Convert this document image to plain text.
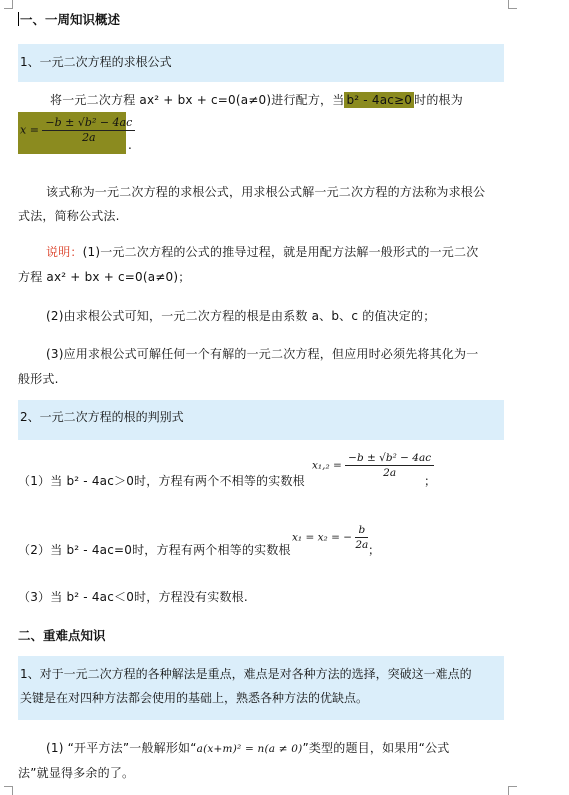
一、一周知识概述
1、一元二次方程的求根公式
将一元二次方程 ax² + bx + c=0(a≠0)进行配方，当 b² - 4ac≥0 时的根为
$x = \frac{\text{−b ± √b² − 4ac}}{2a}$
.
该式称为一元二次方程的求根公式，用求根公式解一元二次方程的方法称为求根公
式法，简称公式法.
说明：(1)一元二次方程的公式的推导过程，就是用配方法解一般形式的一元二次
方程 ax² + bx + c=0(a≠0)；
(2)由求根公式可知，一元二次方程的根是由系数 a、b、c 的值决定的；
(3)应用求根公式可解任何一个有解的一元二次方程，但应用时必须先将其化为一
般形式.
2、一元二次方程的根的判别式
（1）当 b² - 4ac＞0时，方程有两个不相等的实数根
$x_1,_2 = \frac{\text{−b ± √b² − 4ac}}{2a}$
；
（2）当 b² - 4ac=0时，方程有两个相等的实数根
x₁ = x₂ = − $\frac{b}{2a}$ ；
（3）当 b² - 4ac＜0时，方程没有实数根.
二、重难点知识
1、对于一元二次方程的各种解法是重点，难点是对各种方法的选择，突破这一难点的
关键是在对四种方法都会使用的基础上，熟悉各种方法的优缺点。
(1) “开平方法”一般解形如“a(x+m)² = n(a ≠ 0)”类型的题目，如果用“公式
法”就显得多余的了。
